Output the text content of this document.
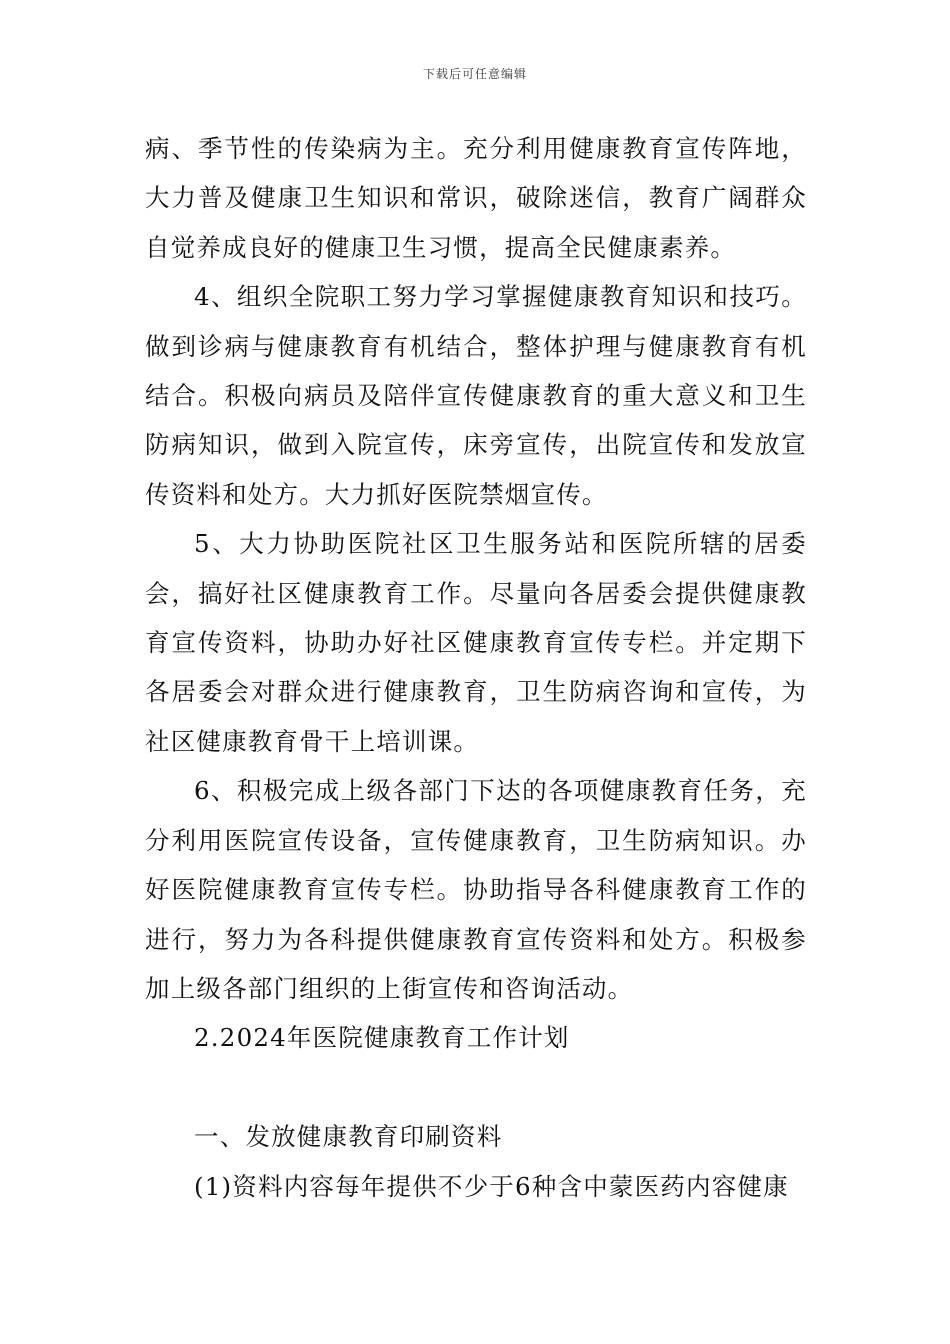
下载后可任意编辑

病、季节性的传染病为主。充分利用健康教育宣传阵地，大力普及健康卫生知识和常识，破除迷信，教育广阔群众自觉养成良好的健康卫生习惯，提高全民健康素养。

4、组织全院职工努力学习掌握健康教育知识和技巧。做到诊病与健康教育有机结合，整体护理与健康教育有机结合。积极向病员及陪伴宣传健康教育的重大意义和卫生防病知识，做到入院宣传，床旁宣传，出院宣传和发放宣传资料和处方。大力抓好医院禁烟宣传。

5、大力协助医院社区卫生服务站和医院所辖的居委会，搞好社区健康教育工作。尽量向各居委会提供健康教育宣传资料，协助办好社区健康教育宣传专栏。并定期下各居委会对群众进行健康教育，卫生防病咨询和宣传，为社区健康教育骨干上培训课。

6、积极完成上级各部门下达的各项健康教育任务，充分利用医院宣传设备，宣传健康教育，卫生防病知识。办好医院健康教育宣传专栏。协助指导各科健康教育工作的进行，努力为各科提供健康教育宣传资料和处方。积极参加上级各部门组织的上街宣传和咨询活动。

2.2024年医院健康教育工作计划

一、发放健康教育印刷资料

(1)资料内容每年提供不少于6种含中蒙医药内容健康
